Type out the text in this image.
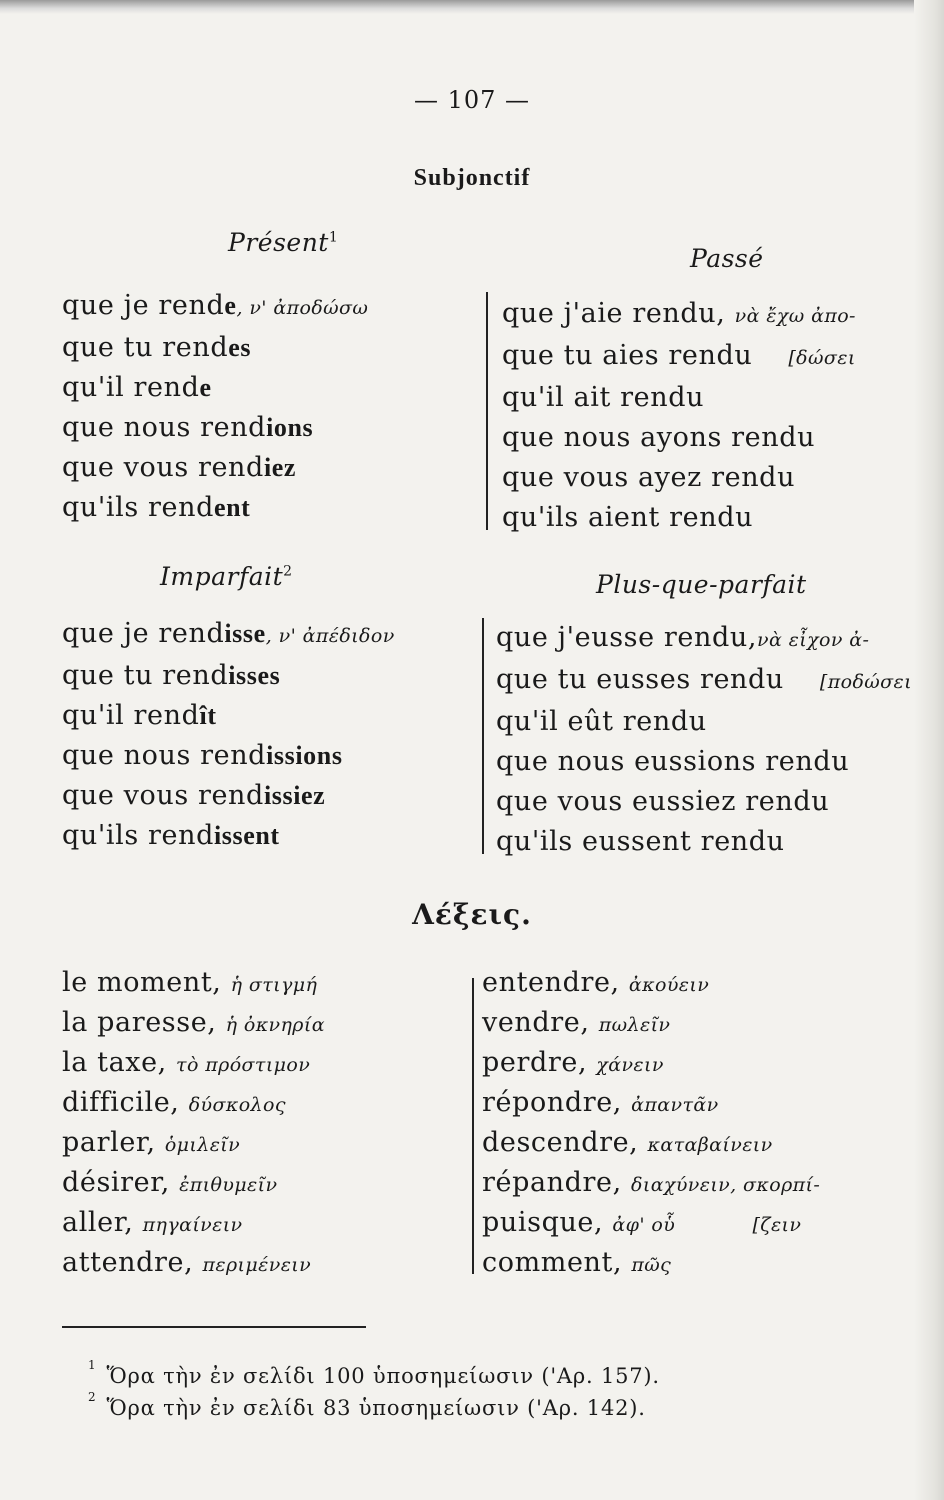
— 107 —
Subjonctif
Présent$^1$
que je rende, ν' ἀποδώσω
que tu rendes
qu'il rende
que nous rendions
que vous rendiez
qu'ils rendent
Passé
que j'aie rendu, νὰ ἔχω ἀπο-
que tu aies rendu [δώσει
qu'il ait rendu
que nous ayons rendu
que vous ayez rendu
qu'ils aient rendu
Imparfait$^2$
que je rendisse, ν' ἀπέδιδον
que tu rendisses
qu'il rendît
que nous rendissions
que vous rendissiez
qu'ils rendissent
Plus-que-parfait
que j'eusse rendu,νὰ εἶχον ἀ-
que tu eusses rendu [ποδώσει
qu'il eût rendu
que nous eussions rendu
que vous eussiez rendu
qu'ils eussent rendu
Λέξεις.
le moment, ἡ στιγμή
la paresse, ἡ ὀκνηρία
la taxe, τὸ πρόστιμον
difficile, δύσκολος
parler, ὁμιλεῖν
désirer, ἐπιθυμεῖν
aller, πηγαίνειν
attendre, περιμένειν
entendre, ἀκούειν
vendre, πωλεῖν
perdre, χάνειν
répondre, ἀπαντᾶν
descendre, καταβαίνειν
répandre, διαχύνειν, σκορπί-
puisque, ἀφ' οὗ            [ζειν
comment, πῶς
$^1$ Ὅρα τὴν ἐν σελίδι 100 ὑποσημείωσιν ('Αρ. 157).
$^2$ Ὅρα τὴν ἐν σελίδι 83 ὑποσημείωσιν ('Αρ. 142).
